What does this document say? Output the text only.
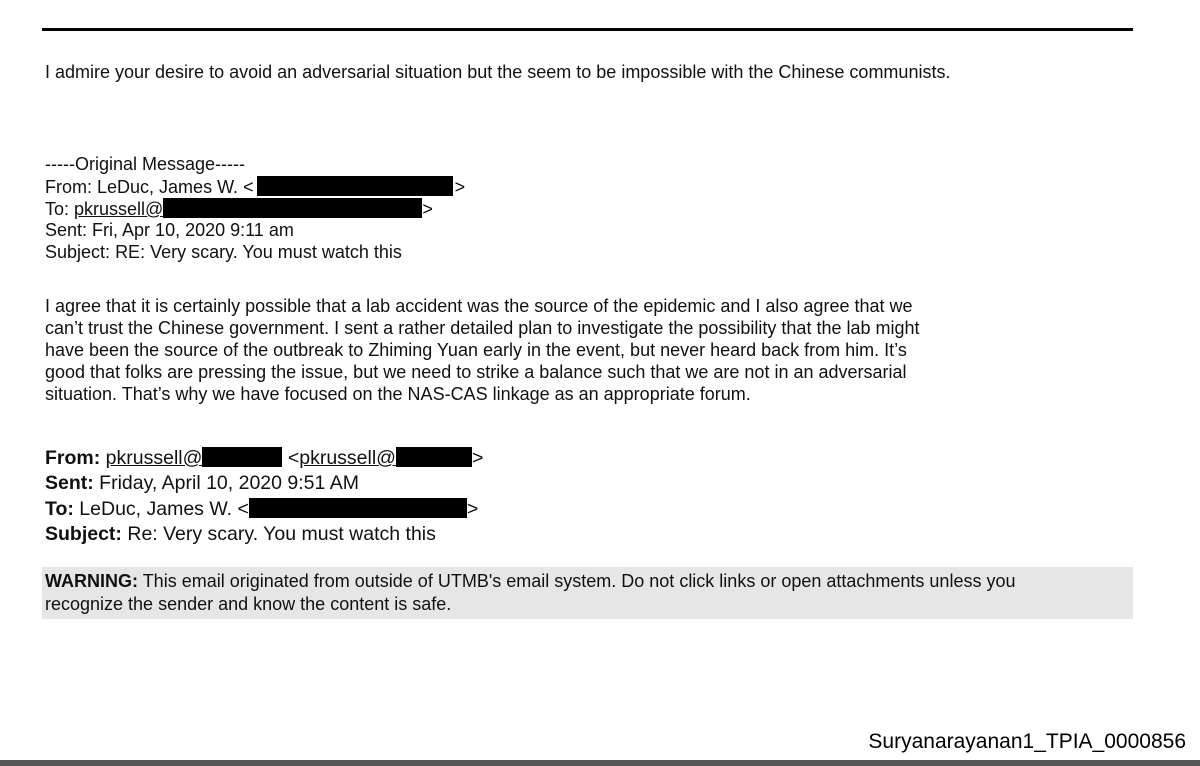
I admire your desire to avoid an adversarial situation but the seem to be impossible with the Chinese communists.
-----Original Message-----
From: LeDuc, James W. <	>
To: pkrussell@	>
Sent: Fri, Apr 10, 2020 9:11 am
Subject: RE: Very scary. You must watch this
I agree that it is certainly possible that a lab accident was the source of the epidemic and I also agree that we
can’t trust the Chinese government. I sent a rather detailed plan to investigate the possibility that the lab might
have been the source of the outbreak to Zhiming Yuan early in the event, but never heard back from him. It’s
good that folks are pressing the issue, but we need to strike a balance such that we are not in an adversarial
situation. That’s why we have focused on the NAS-CAS linkage as an appropriate forum.
From: pkrussell@	<pkrussell@	>
Sent: Friday, April 10, 2020 9:51 AM
To: LeDuc, James W. <	>
Subject: Re: Very scary. You must watch this
WARNING: This email originated from outside of UTMB's email system. Do not click links or open attachments unless you
recognize the sender and know the content is safe.
Suryanarayanan1_TPIA_0000856
